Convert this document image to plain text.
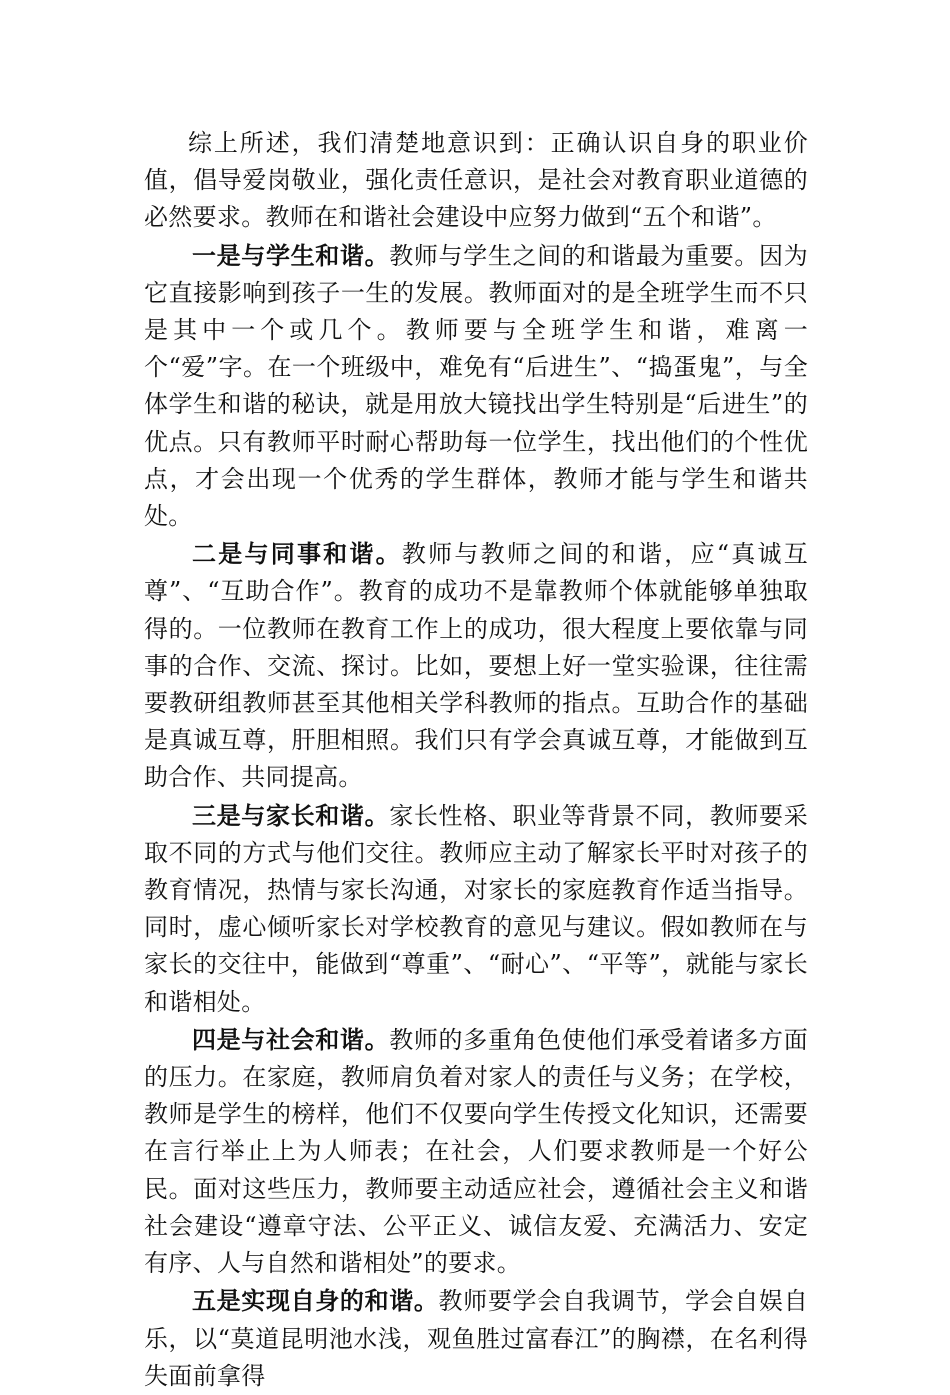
综上所述，我们清楚地意识到：正确认识自身的职业价值，倡导爱岗敬业，强化责任意识，是社会对教育职业道德的必然要求。教师在和谐社会建设中应努力做到“五个和谐”。

一是与学生和谐。教师与学生之间的和谐最为重要。因为它直接影响到孩子一生的发展。教师面对的是全班学生而不只是其中一个或几个。教师要与全班学生和谐，难离一个“爱”字。在一个班级中，难免有“后进生”、“捣蛋鬼”，与全体学生和谐的秘诀，就是用放大镜找出学生特别是“后进生”的优点。只有教师平时耐心帮助每一位学生，找出他们的个性优点，才会出现一个优秀的学生群体，教师才能与学生和谐共处。

二是与同事和谐。教师与教师之间的和谐，应“真诚互尊”、“互助合作”。教育的成功不是靠教师个体就能够单独取得的。一位教师在教育工作上的成功，很大程度上要依靠与同事的合作、交流、探讨。比如，要想上好一堂实验课，往往需要教研组教师甚至其他相关学科教师的指点。互助合作的基础是真诚互尊，肝胆相照。我们只有学会真诚互尊，才能做到互助合作、共同提高。

三是与家长和谐。家长性格、职业等背景不同，教师要采取不同的方式与他们交往。教师应主动了解家长平时对孩子的教育情况，热情与家长沟通，对家长的家庭教育作适当指导。同时，虚心倾听家长对学校教育的意见与建议。假如教师在与家长的交往中，能做到“尊重”、“耐心”、“平等”，就能与家长和谐相处。

四是与社会和谐。教师的多重角色使他们承受着诸多方面的压力。在家庭，教师肩负着对家人的责任与义务；在学校，教师是学生的榜样，他们不仅要向学生传授文化知识，还需要在言行举止上为人师表；在社会，人们要求教师是一个好公民。面对这些压力，教师要主动适应社会，遵循社会主义和谐社会建设“遵章守法、公平正义、诚信友爱、充满活力、安定有序、人与自然和谐相处”的要求。

五是实现自身的和谐。教师要学会自我调节，学会自娱自乐，以“莫道昆明池水浅，观鱼胜过富春江”的胸襟，在名利得失面前拿得
